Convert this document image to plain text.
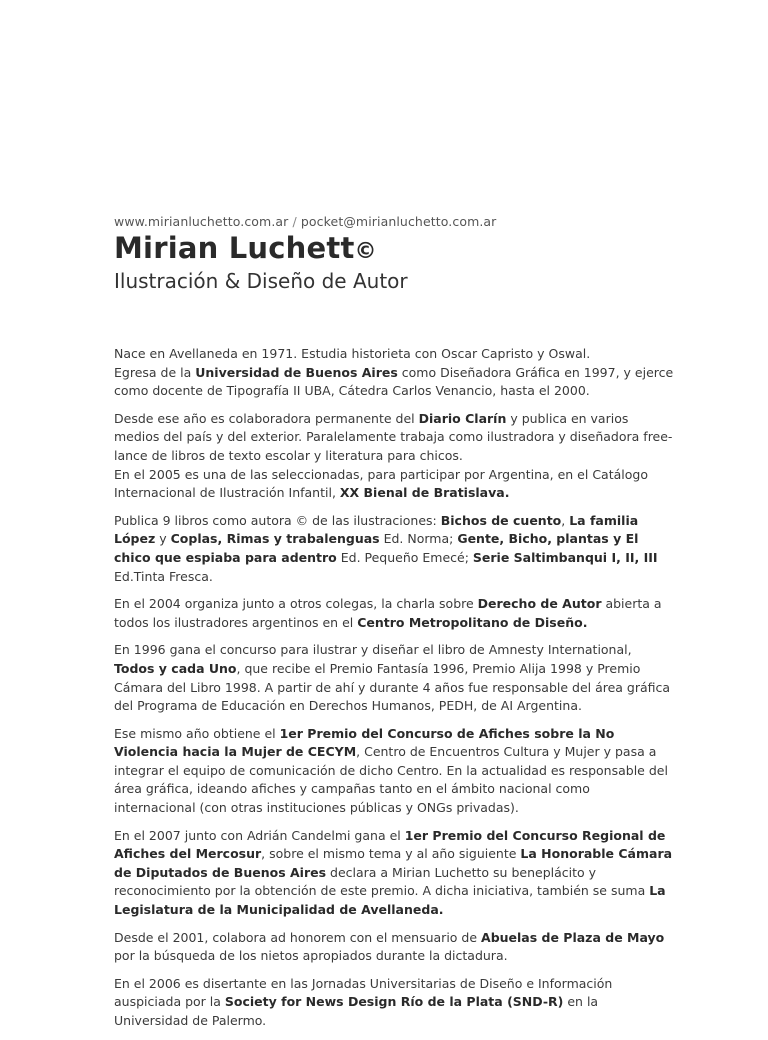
www.mirianluchetto.com.ar / pocket@mirianluchetto.com.ar
Mirian Luchett©
Ilustración & Diseño de Autor

Nace en Avellaneda en 1971. Estudia historieta con Oscar Capristo y Oswal.
Egresa de la Universidad de Buenos Aires como Diseñadora Gráfica en 1997, y ejerce como docente de Tipografía II UBA, Cátedra Carlos Venancio, hasta el 2000.

Desde ese año es colaboradora permanente del Diario Clarín y publica en varios medios del país y del exterior. Paralelamente trabaja como ilustradora y diseñadora free-lance de libros de texto escolar y literatura para chicos.
En el 2005 es una de las seleccionadas, para participar por Argentina, en el Catálogo Internacional de Ilustración Infantil, XX Bienal de Bratislava.

Publica 9 libros como autora © de las ilustraciones: Bichos de cuento, La familia López y Coplas, Rimas y trabalenguas Ed. Norma; Gente, Bicho, plantas y El chico que espiaba para adentro Ed. Pequeño Emecé; Serie Saltimbanqui I, II, III Ed.Tinta Fresca.

En el 2004 organiza junto a otros colegas, la charla sobre Derecho de Autor abierta a todos los ilustradores argentinos en el Centro Metropolitano de Diseño.

En 1996 gana el concurso para ilustrar y diseñar el libro de Amnesty International, Todos y cada Uno, que recibe el Premio Fantasía 1996, Premio Alija 1998 y Premio Cámara del Libro 1998. A partir de ahí y durante 4 años fue responsable del área gráfica del Programa de Educación en Derechos Humanos, PEDH, de AI Argentina.

Ese mismo año obtiene el 1er Premio del Concurso de Afiches sobre la No Violencia hacia la Mujer de CECYM, Centro de Encuentros Cultura y Mujer y pasa a integrar el equipo de comunicación de dicho Centro. En la actualidad es responsable del área gráfica, ideando afiches y campañas tanto en el ámbito nacional como internacional (con otras instituciones públicas y ONGs privadas).

En el 2007 junto con Adrián Candelmi gana el 1er Premio del Concurso Regional de Afiches del Mercosur, sobre el mismo tema y al año siguiente La Honorable Cámara de Diputados de Buenos Aires declara a Mirian Luchetto su beneplácito y reconocimiento por la obtención de este premio. A dicha iniciativa, también se suma La Legislatura de la Municipalidad de Avellaneda.

Desde el 2001, colabora ad honorem con el mensuario de Abuelas de Plaza de Mayo por la búsqueda de los nietos apropiados durante la dictadura.

En el 2006 es disertante en las Jornadas Universitarias de Diseño e Información auspiciada por la Society for News Design Río de la Plata (SND-R) en la Universidad de Palermo.
